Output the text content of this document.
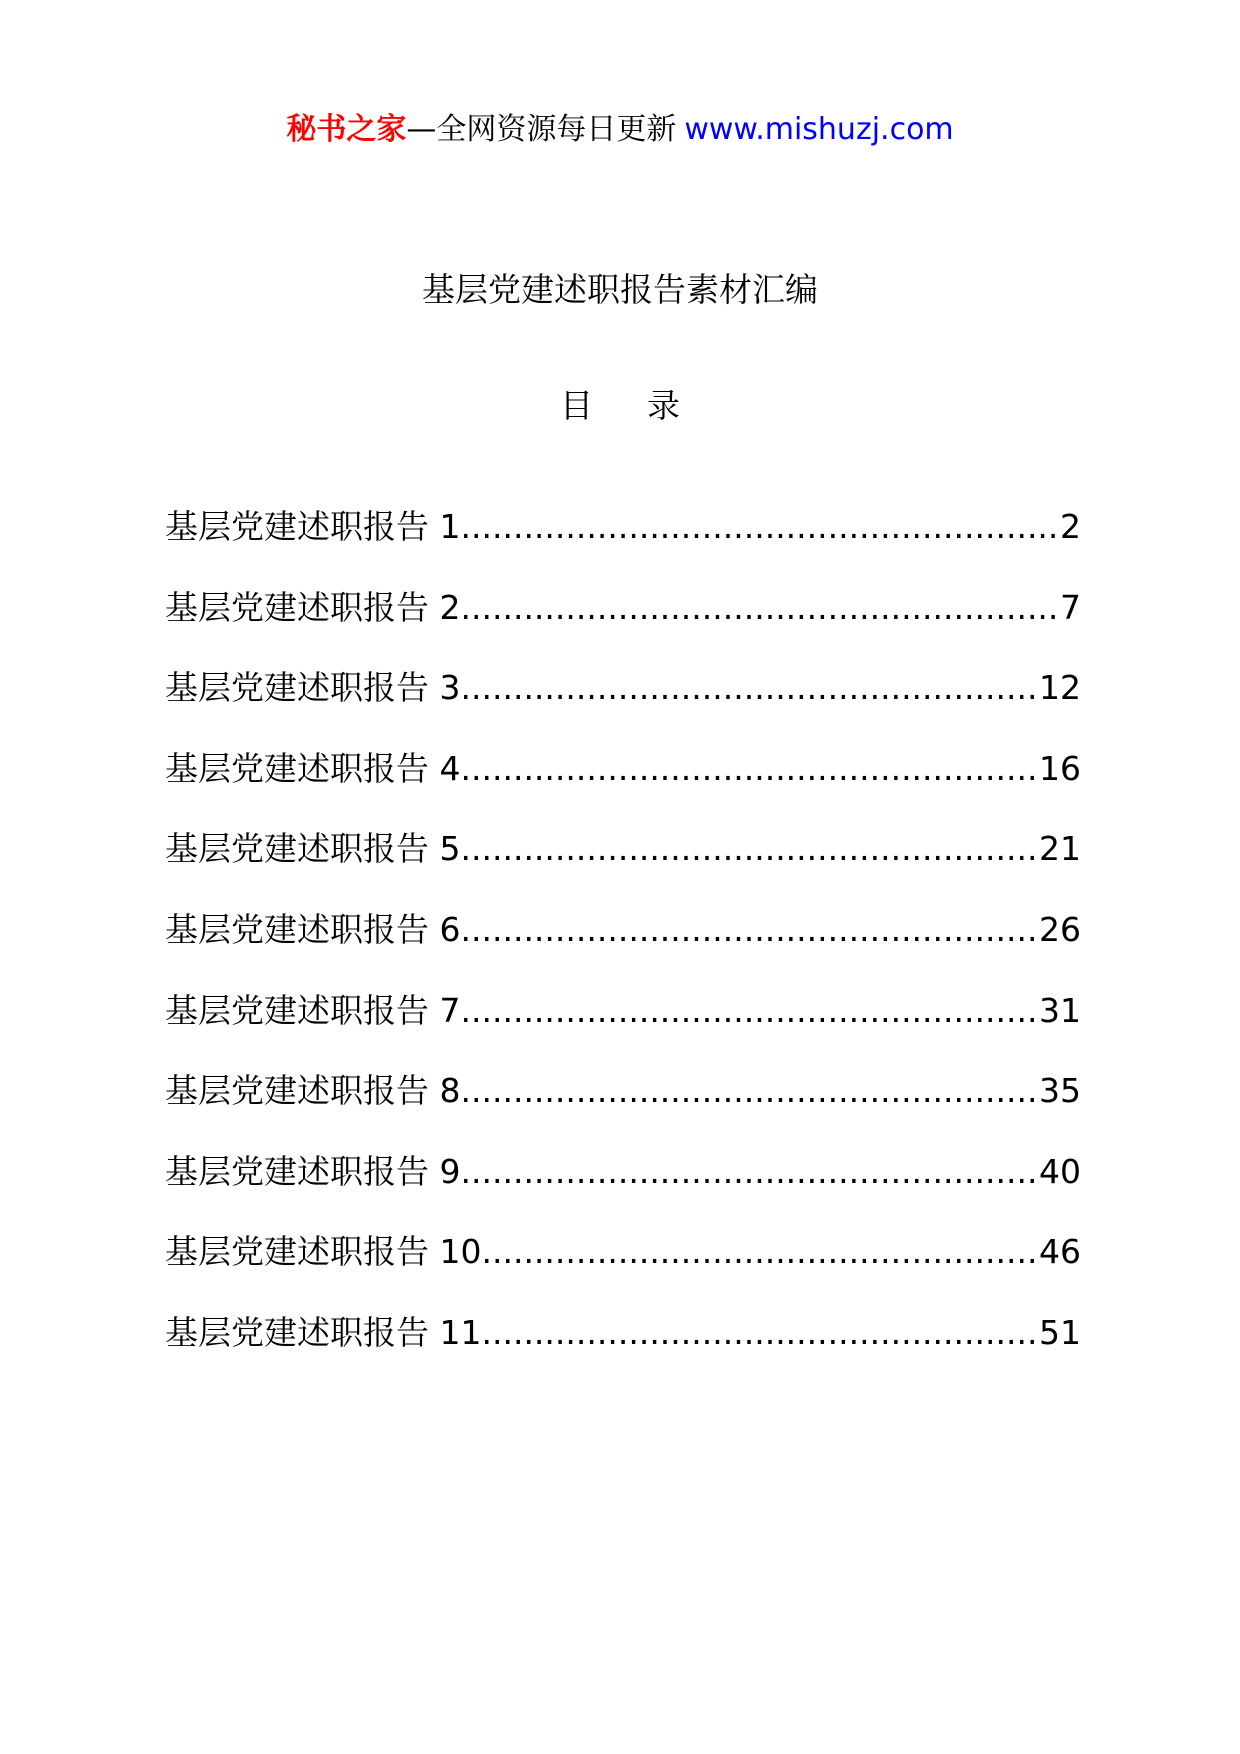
秘书之家—全网资源每日更新 www.mishuzj.com
基层党建述职报告素材汇编
目录
基层党建述职报告 1 .....	2
基层党建述职报告 2 .....	7
基层党建述职报告 3 .....	12
基层党建述职报告 4 .....	16
基层党建述职报告 5 .....	21
基层党建述职报告 6 .....	26
基层党建述职报告 7 .....	31
基层党建述职报告 8 .....	35
基层党建述职报告 9 .....	40
基层党建述职报告 10 .....	46
基层党建述职报告 11 .....	51
